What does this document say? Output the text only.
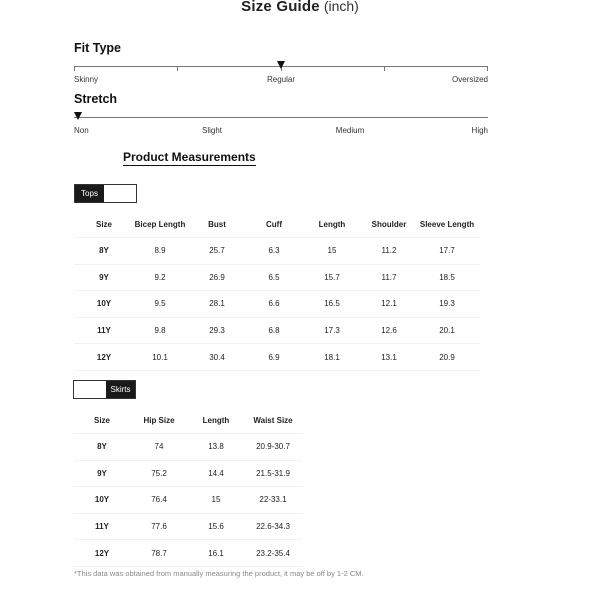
Size Guide (inch)
Fit Type
Skinny	Regular	Oversized
Stretch
Non	Slight	Medium	High
Product Measurements
Tops
Size	Bicep Length	Bust	Cuff	Length	Shoulder	Sleeve Length
8Y	8.9	25.7	6.3	15	11.2	17.7
9Y	9.2	26.9	6.5	15.7	11.7	18.5
10Y	9.5	28.1	6.6	16.5	12.1	19.3
11Y	9.8	29.3	6.8	17.3	12.6	20.1
12Y	10.1	30.4	6.9	18.1	13.1	20.9
Skirts
Size	Hip Size	Length	Waist Size
8Y	74	13.8	20.9-30.7
9Y	75.2	14.4	21.5-31.9
10Y	76.4	15	22-33.1
11Y	77.6	15.6	22.6-34.3
12Y	78.7	16.1	23.2-35.4
*This data was obtained from manually measuring the product, it may be off by 1-2 CM.
